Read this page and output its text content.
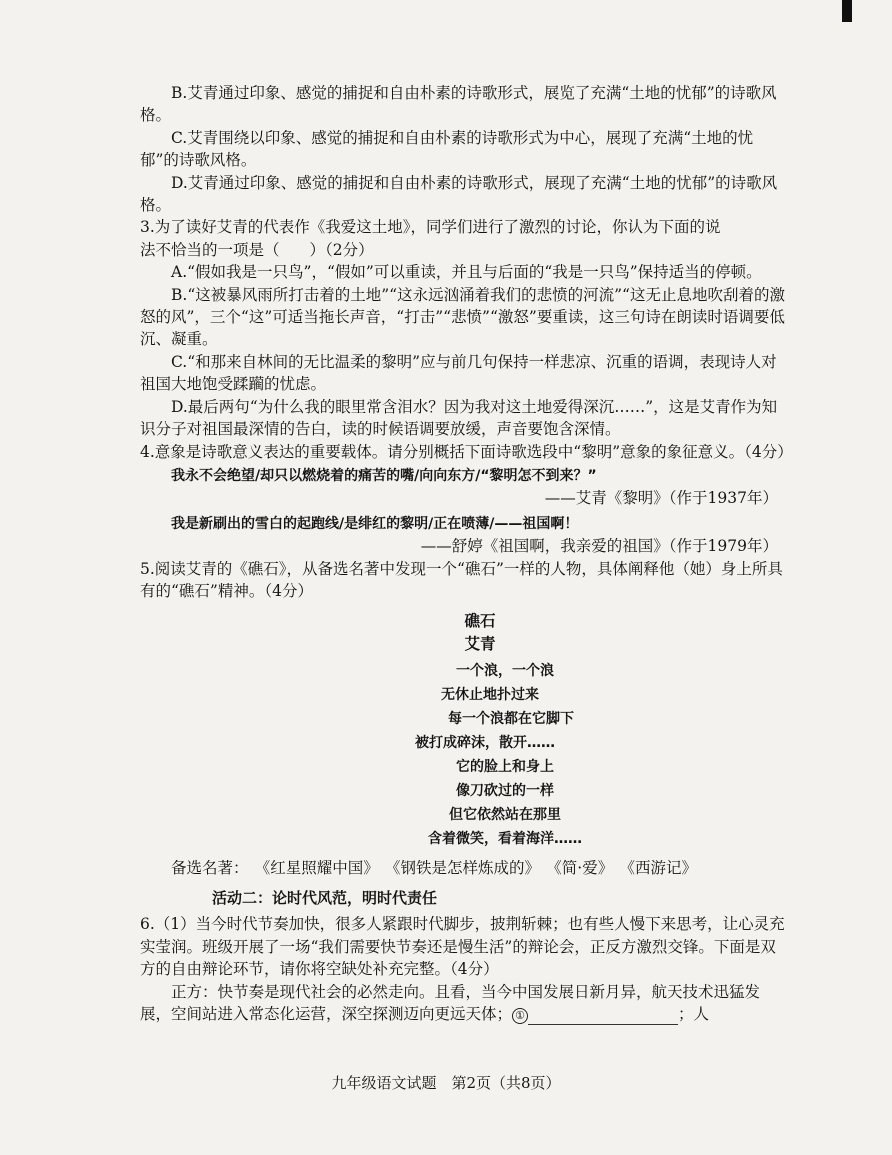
B.艾青通过印象、感觉的捕捉和自由朴素的诗歌形式，展览了充满“土地的忧郁”的诗歌风格。

C.艾青围绕以印象、感觉的捕捉和自由朴素的诗歌形式为中心，展现了充满“土地的忧郁”的诗歌风格。

D.艾青通过印象、感觉的捕捉和自由朴素的诗歌形式，展现了充满“土地的忧郁”的诗歌风格。

3.为了读好艾青的代表作《我爱这土地》，同学们进行了激烈的讨论，你认为下面的说

法不恰当的一项是（ ）（2分）

A.“假如我是一只鸟”，“假如”可以重读，并且与后面的“我是一只鸟”保持适当的停顿。

B.“这被暴风雨所打击着的土地”“这永远汹涌着我们的悲愤的河流”“这无止息地吹刮着的激怒的风”，三个“这”可适当拖长声音，“打击”“悲愤”“激怒”要重读，这三句诗在朗读时语调要低沉、凝重。

C.“和那来自林间的无比温柔的黎明”应与前几句保持一样悲凉、沉重的语调，表现诗人对祖国大地饱受蹂躏的忧虑。

D.最后两句“为什么我的眼里常含泪水？因为我对这土地爱得深沉……”，这是艾青作为知识分子对祖国最深情的告白，读的时候语调要放缓，声音要饱含深情。

4.意象是诗歌意义表达的重要载体。请分别概括下面诗歌选段中“黎明”意象的象征意义。（4分）

我永不会绝望/却只以燃烧着的痛苦的嘴/向向东方/“黎明怎不到来？”

——艾青《黎明》（作于1937年）

我是新刷出的雪白的起跑线/是绯红的黎明/正在喷薄/——祖国啊！

——舒婷《祖国啊，我亲爱的祖国》（作于1979年）

5.阅读艾青的《礁石》，从备选名著中发现一个“礁石”一样的人物，具体阐释他（她）身上所具有的“礁石”精神。（4分）

礁石

艾青

一个浪，一个浪

无休止地扑过来

每一个浪都在它脚下

被打成碎沫，散开……

它的脸上和身上

像刀砍过的一样

但它依然站在那里

含着微笑，看着海洋……

备选名著： 《红星照耀中国》 《钢铁是怎样炼成的》 《简·爱》 《西游记》

活动二：论时代风范，明时代责任

6.（1）当今时代节奏加快，很多人紧跟时代脚步，披荆斩棘；也有些人慢下来思考，让心灵充实莹润。班级开展了一场“我们需要快节奏还是慢生活”的辩论会，正反方激烈交锋。下面是双方的自由辩论环节，请你将空缺处补充完整。（4分）

正方：快节奏是现代社会的必然走向。且看，当今中国发展日新月异，航天技术迅猛发展，空间站进入常态化运营，深空探测迈向更远天体； ①	；人

九年级语文试题　第2页（共8页）
